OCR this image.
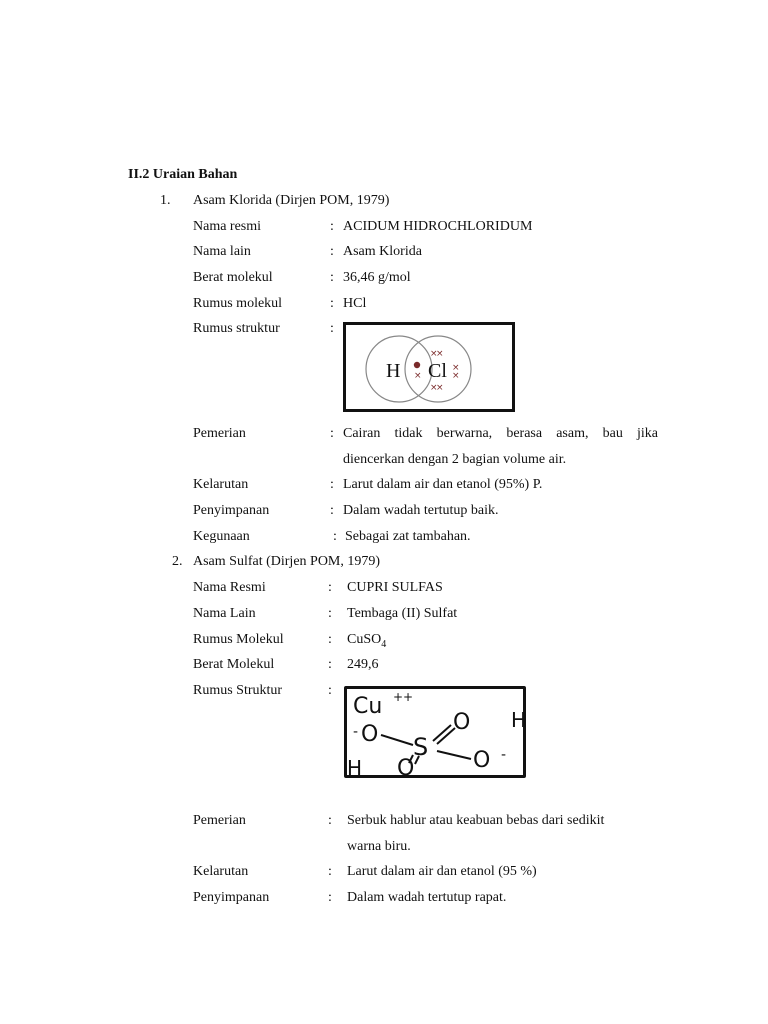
II.2 Uraian Bahan
1. Asam Klorida (Dirjen POM, 1979)
Nama resmi	: ACIDUM HIDROCHLORIDUM
Nama lain	: Asam Klorida
Berat molekul	: 36,46 g/mol
Rumus molekul	: HCl
Rumus struktur	:
H Cl
×
×
×
×
×
×
×
Pemerian	: Cairan tidak berwarna, berasa asam, bau jika
diencerkan dengan 2 bagian volume air.
Kelarutan	: Larut dalam air dan etanol (95%) P.
Penyimpanan	: Dalam wadah tertutup baik.
Kegunaan	: Sebagai zat tambahan.
2. Asam Sulfat (Dirjen POM, 1979)
Nama Resmi	: CUPRI SULFAS
Nama Lain	: Tembaga (II) Sulfat
Rumus Molekul	: CuSO$_4$
Berat Molekul	: 249,6
Rumus Struktur	:
Cu ++
- O	O
S O -
O
H
H
Pemerian	: Serbuk hablur atau keabuan bebas dari sedikit
warna biru.
Kelarutan	: Larut dalam air dan etanol (95 %)
Penyimpanan	: Dalam wadah tertutup rapat.
